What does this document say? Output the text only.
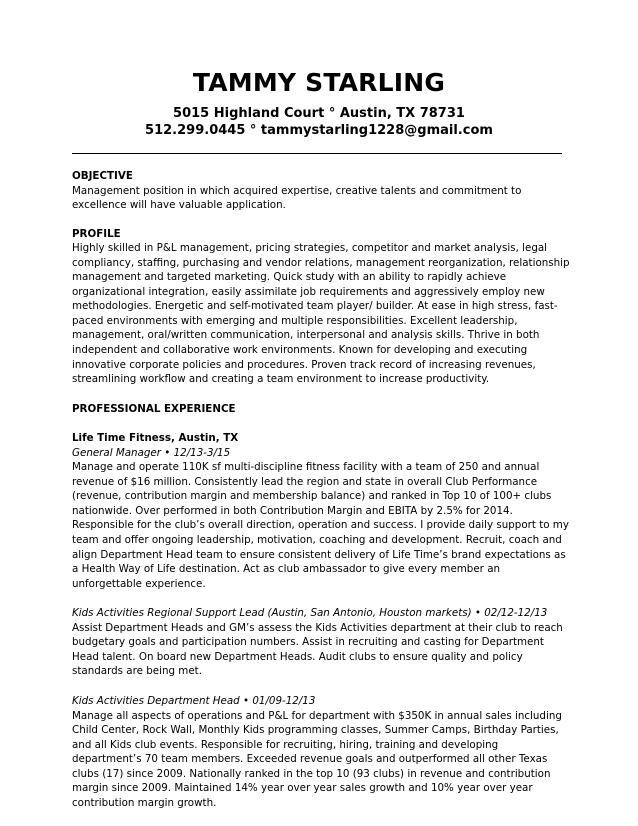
TAMMY STARLING
5015 Highland Court ° Austin, TX 78731
512.299.0445 ° tammystarling1228@gmail.com

OBJECTIVE

Management position in which acquired expertise, creative talents and commitment to excellence will have valuable application.

PROFILE

Highly skilled in P&L management, pricing strategies, competitor and market analysis, legal compliancy, staffing, purchasing and vendor relations, management reorganization, relationship management and targeted marketing. Quick study with an ability to rapidly achieve organizational integration, easily assimilate job requirements and aggressively employ new methodologies. Energetic and self-motivated team player/ builder. At ease in high stress, fast-paced environments with emerging and multiple responsibilities. Excellent leadership, management, oral/written communication, interpersonal and analysis skills. Thrive in both independent and collaborative work environments. Known for developing and executing innovative corporate policies and procedures. Proven track record of increasing revenues, streamlining workflow and creating a team environment to increase productivity.

PROFESSIONAL EXPERIENCE

Life Time Fitness, Austin, TX

General Manager • 12/13-3/15

Manage and operate 110K sf multi-discipline fitness facility with a team of 250 and annual revenue of $16 million. Consistently lead the region and state in overall Club Performance (revenue, contribution margin and membership balance) and ranked in Top 10 of 100+ clubs nationwide. Over performed in both Contribution Margin and EBITA by 2.5% for 2014. Responsible for the club’s overall direction, operation and success. I provide daily support to my team and offer ongoing leadership, motivation, coaching and development. Recruit, coach and align Department Head team to ensure consistent delivery of Life Time’s brand expectations as a Health Way of Life destination. Act as club ambassador to give every member an unforgettable experience.

Kids Activities Regional Support Lead (Austin, San Antonio, Houston markets) • 02/12-12/13

Assist Department Heads and GM’s assess the Kids Activities department at their club to reach budgetary goals and participation numbers. Assist in recruiting and casting for Department Head talent. On board new Department Heads. Audit clubs to ensure quality and policy standards are being met.

Kids Activities Department Head • 01/09-12/13

Manage all aspects of operations and P&L for department with $350K in annual sales including Child Center, Rock Wall, Monthly Kids programming classes, Summer Camps, Birthday Parties, and all Kids club events. Responsible for recruiting, hiring, training and developing department’s 70 team members. Exceeded revenue goals and outperformed all other Texas clubs (17) since 2009. Nationally ranked in the top 10 (93 clubs) in revenue and contribution margin since 2009. Maintained 14% year over year sales growth and 10% year over year contribution margin growth.
